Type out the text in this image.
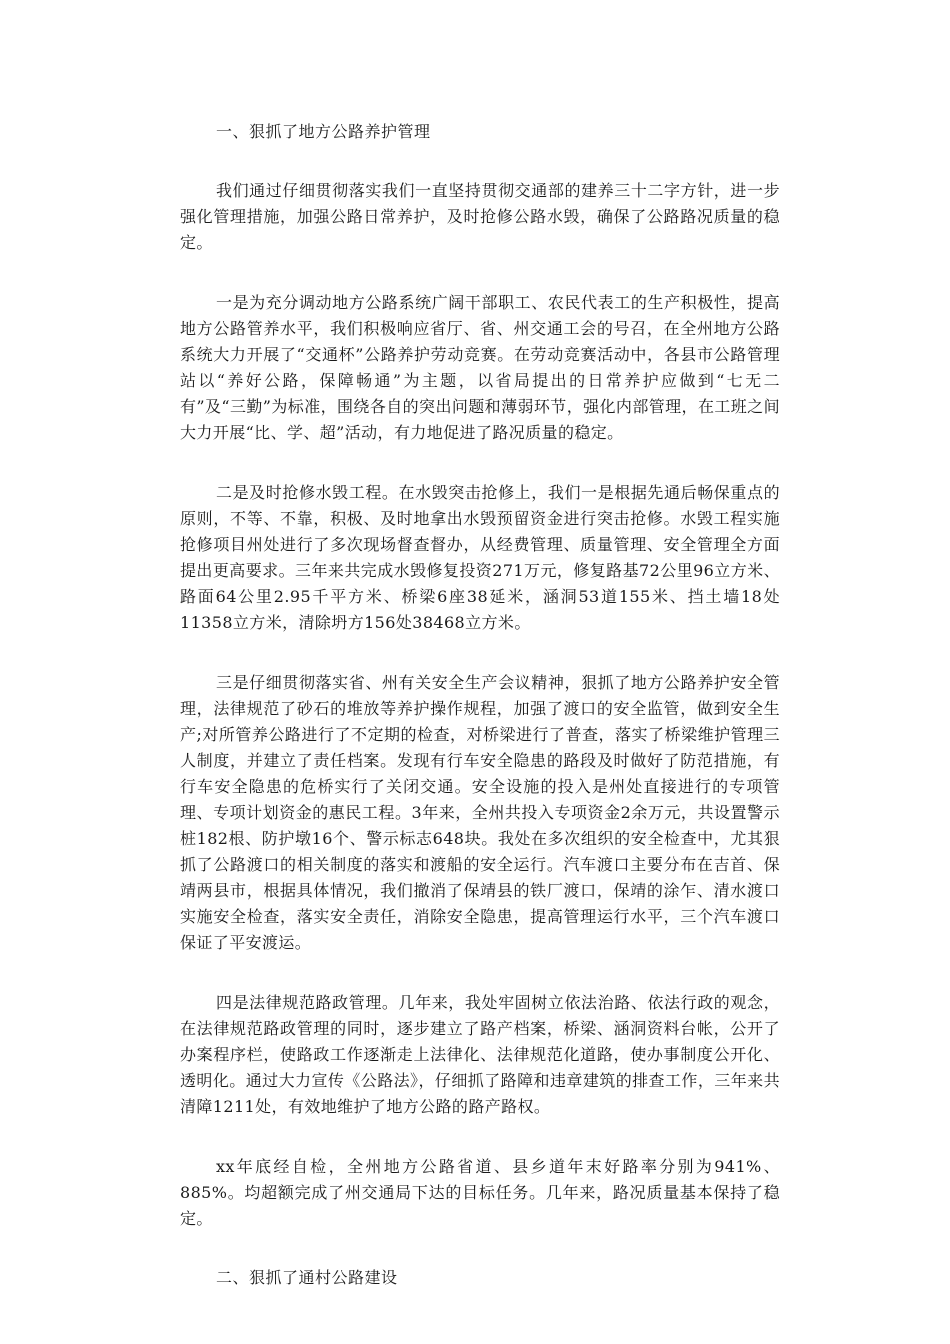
一、狠抓了地方公路养护管理

我们通过仔细贯彻落实我们一直坚持贯彻交通部的建养三十二字方针，进一步强化管理措施，加强公路日常养护，及时抢修公路水毁，确保了公路路况质量的稳定。

一是为充分调动地方公路系统广阔干部职工、农民代表工的生产积极性，提高地方公路管养水平，我们积极响应省厅、省、州交通工会的号召，在全州地方公路系统大力开展了“交通杯”公路养护劳动竞赛。在劳动竞赛活动中，各县市公路管理站以“养好公路，保障畅通”为主题，以省局提出的日常养护应做到“七无二有”及“三勤”为标准，围绕各自的突出问题和薄弱环节，强化内部管理，在工班之间大力开展“比、学、超”活动，有力地促进了路况质量的稳定。

二是及时抢修水毁工程。在水毁突击抢修上，我们一是根据先通后畅保重点的原则，不等、不靠，积极、及时地拿出水毁预留资金进行突击抢修。水毁工程实施抢修项目州处进行了多次现场督查督办，从经费管理、质量管理、安全管理全方面提出更高要求。三年来共完成水毁修复投资271万元，修复路基72公里96立方米、路面64公里2.95千平方米、桥梁6座38延米，涵洞53道155米、挡土墙18处11358立方米，清除坍方156处38468立方米。

三是仔细贯彻落实省、州有关安全生产会议精神，狠抓了地方公路养护安全管理，法律规范了砂石的堆放等养护操作规程，加强了渡口的安全监管，做到安全生产;对所管养公路进行了不定期的检查，对桥梁进行了普查，落实了桥梁维护管理三人制度，并建立了责任档案。发现有行车安全隐患的路段及时做好了防范措施，有行车安全隐患的危桥实行了关闭交通。安全设施的投入是州处直接进行的专项管理、专项计划资金的惠民工程。3年来，全州共投入专项资金2余万元，共设置警示桩182根、防护墩16个、警示标志648块。我处在多次组织的安全检查中，尤其狠抓了公路渡口的相关制度的落实和渡船的安全运行。汽车渡口主要分布在吉首、保靖两县市，根据具体情况，我们撤消了保靖县的铁厂渡口，保靖的涂乍、清水渡口实施安全检查，落实安全责任，消除安全隐患，提高管理运行水平，三个汽车渡口保证了平安渡运。

四是法律规范路政管理。几年来，我处牢固树立依法治路、依法行政的观念，在法律规范路政管理的同时，逐步建立了路产档案，桥梁、涵洞资料台帐，公开了办案程序栏，使路政工作逐渐走上法律化、法律规范化道路，使办事制度公开化、透明化。通过大力宣传《公路法》，仔细抓了路障和违章建筑的排查工作，三年来共清障1211处，有效地维护了地方公路的路产路权。

xx年底经自检，全州地方公路省道、县乡道年末好路率分别为941%、885%。均超额完成了州交通局下达的目标任务。几年来，路况质量基本保持了稳定。

二、狠抓了通村公路建设
